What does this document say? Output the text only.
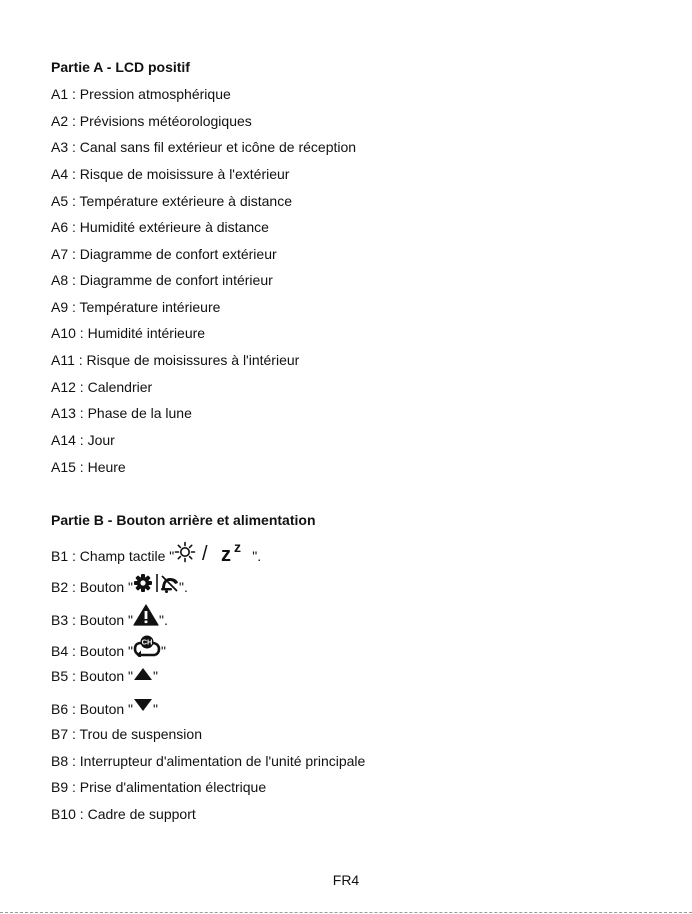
Partie A - LCD positif
A1 : Pression atmosphérique
A2 : Prévisions météorologiques
A3 : Canal sans fil extérieur et icône de réception
A4 : Risque de moisissure à l'extérieur
A5 : Température extérieure à distance
A6 : Humidité extérieure à distance
A7 : Diagramme de confort extérieur
A8 : Diagramme de confort intérieur
A9 : Température intérieure
A10 : Humidité intérieure
A11 : Risque de moisissures à l'intérieur
A12 : Calendrier
A13 : Phase de la lune
A14 : Jour
A15 : Heure
Partie B - Bouton arrière et alimentation
B1 : Champ tactile " / z z
".
B2 : Bouton "	".
B3 : Bouton " ".
B4 : Bouton "
CH
"
B5 : Bouton " "
B6 : Bouton " "
B7 : Trou de suspension
B8 : Interrupteur d'alimentation de l'unité principale
B9 : Prise d'alimentation électrique
B10 : Cadre de support
FR4
